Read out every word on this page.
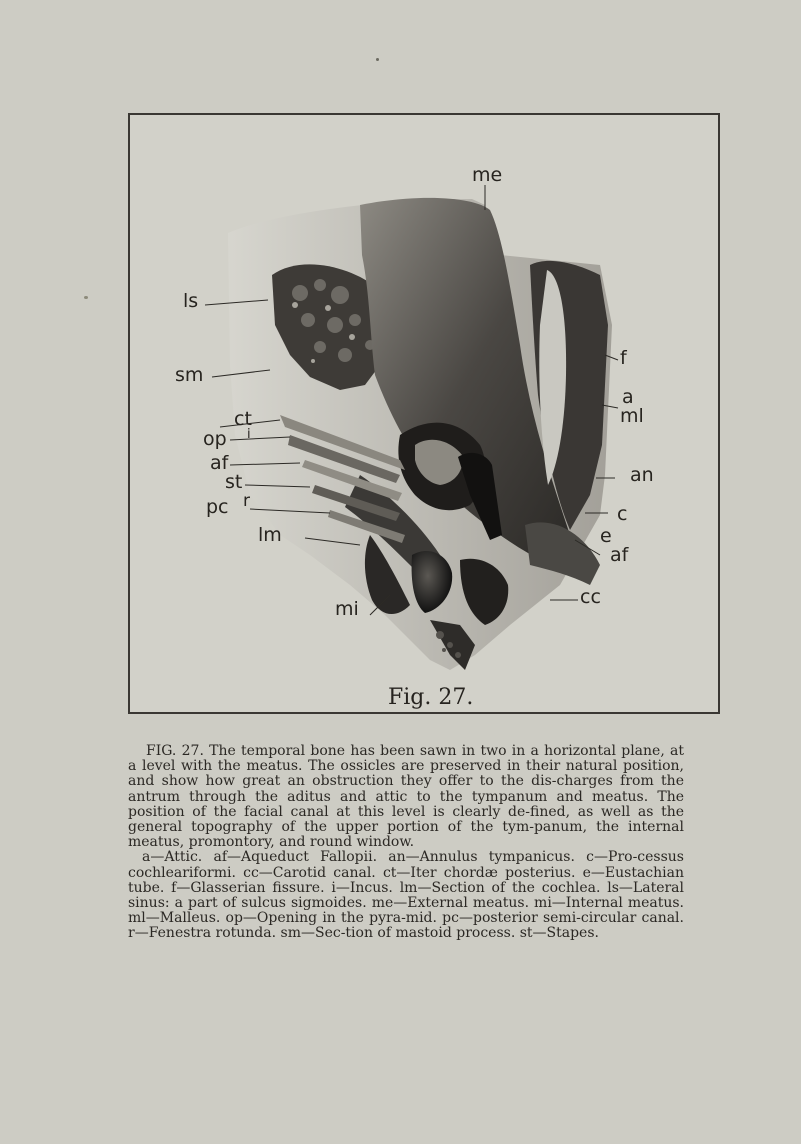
me
ls
sm
ct
op i
af
st
pc r
lm
mi
f
a
ml
an
c
e
af
cc
Fig. 27.

FIG. 27. The temporal bone has been sawn in two in a horizontal plane, at a level with the meatus. The ossicles are preserved in their natural position, and show how great an obstruction they offer to the dis-charges from the antrum through the aditus and attic to the tympanum and meatus. The position of the facial canal at this level is clearly de-fined, as well as the general topography of the upper portion of the tym-panum, the internal meatus, promontory, and round window.

a—Attic. af—Aqueduct Fallopii. an—Annulus tympanicus. c—Pro-cessus cochleariformi. cc—Carotid canal. ct—Iter chordæ posterius. e—Eustachian tube. f—Glasserian fissure. i—Incus. lm—Section of the cochlea. ls—Lateral sinus: a part of sulcus sigmoides. me—External meatus. mi—Internal meatus. ml—Malleus. op—Opening in the pyra-mid. pc—posterior semi-circular canal. r—Fenestra rotunda. sm—Sec-tion of mastoid process. st—Stapes.
